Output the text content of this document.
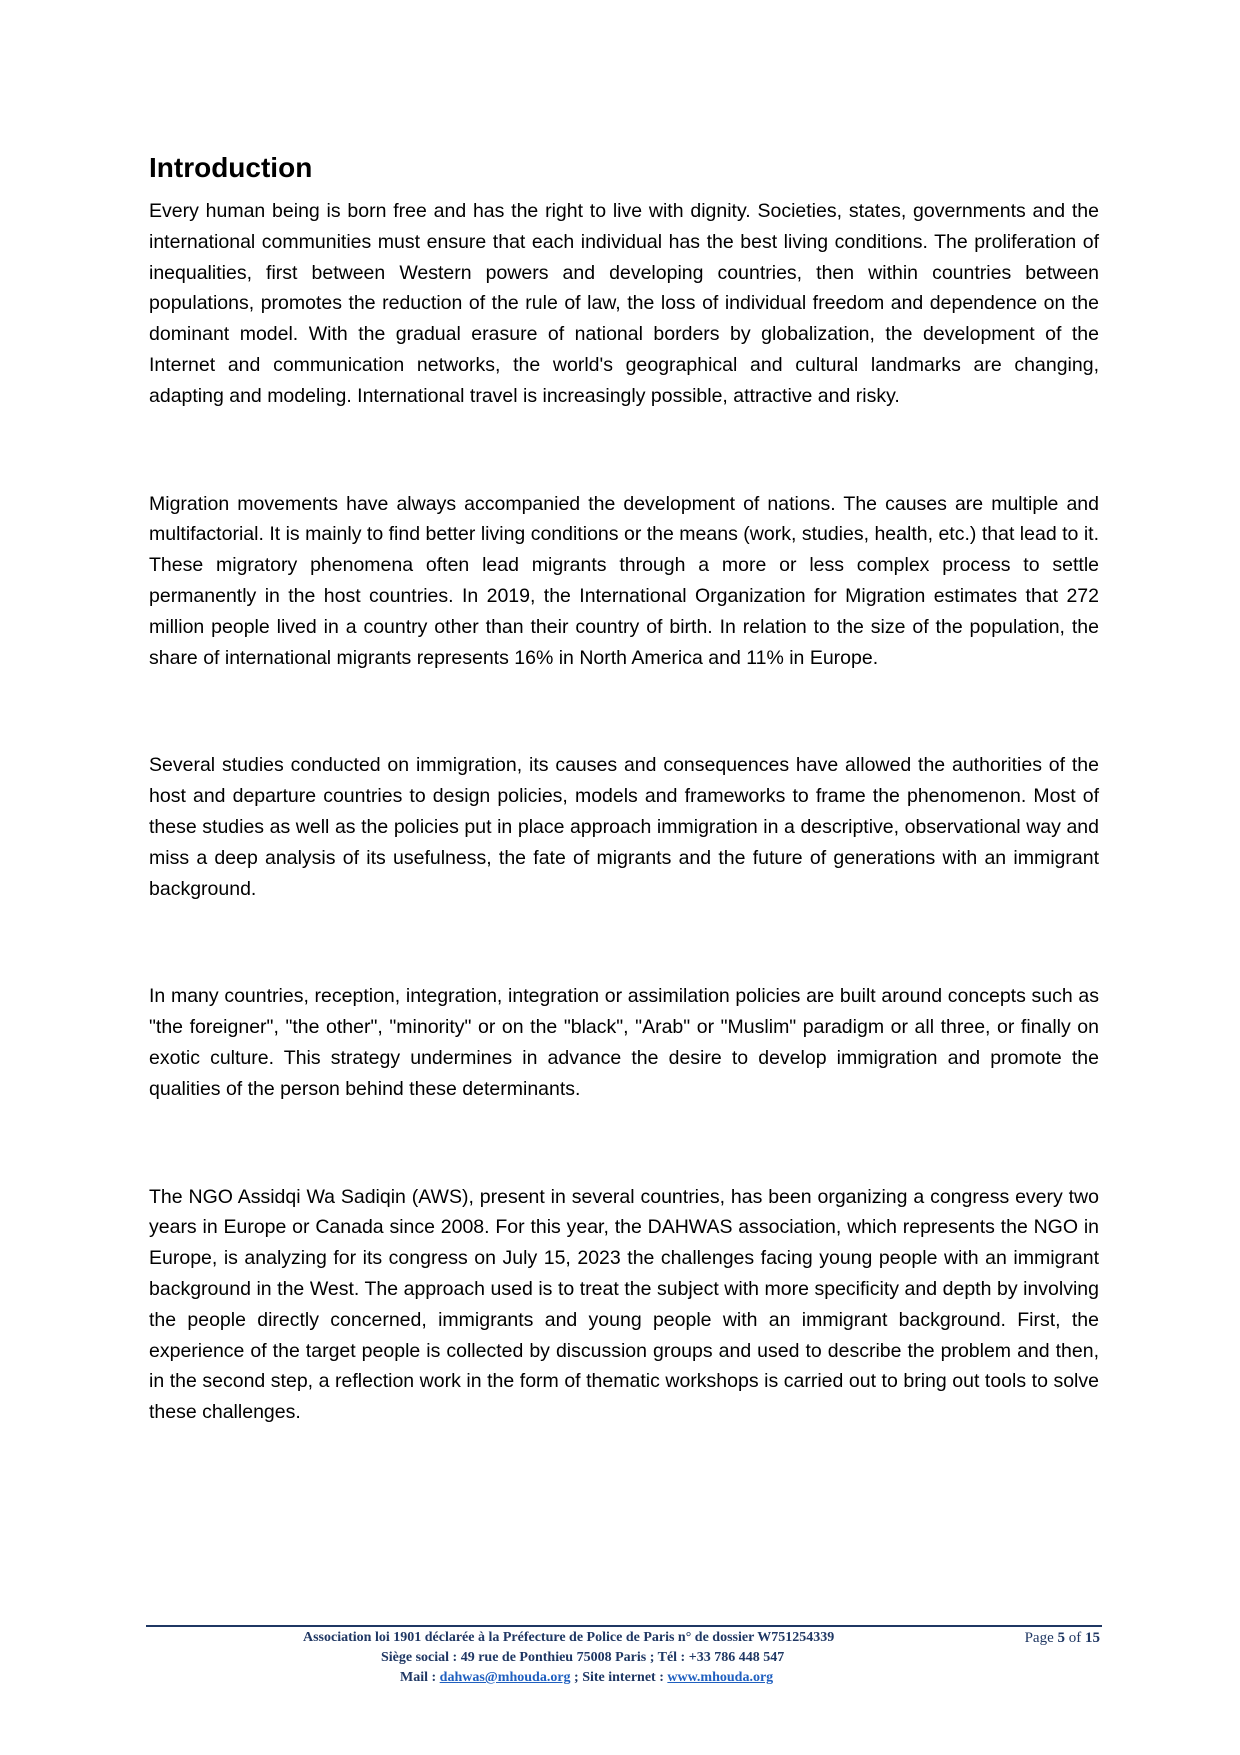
Introduction

Every human being is born free and has the right to live with dignity. Societies, states, governments and the international communities must ensure that each individual has the best living conditions. The proliferation of inequalities, first between Western powers and developing countries, then within countries between populations, promotes the reduction of the rule of law, the loss of individual freedom and dependence on the dominant model. With the gradual erasure of national borders by globalization, the development of the Internet and communication networks, the world's geographical and cultural landmarks are changing, adapting and modeling. International travel is increasingly possible, attractive and risky.

Migration movements have always accompanied the development of nations. The causes are multiple and multifactorial. It is mainly to find better living conditions or the means (work, studies, health, etc.) that lead to it. These migratory phenomena often lead migrants through a more or less complex process to settle permanently in the host countries. In 2019, the International Organization for Migration estimates that 272 million people lived in a country other than their country of birth. In relation to the size of the population, the share of international migrants represents 16% in North America and 11% in Europe.

Several studies conducted on immigration, its causes and consequences have allowed the authorities of the host and departure countries to design policies, models and frameworks to frame the phenomenon. Most of these studies as well as the policies put in place approach immigration in a descriptive, observational way and miss a deep analysis of its usefulness, the fate of migrants and the future of generations with an immigrant background.

In many countries, reception, integration, integration or assimilation policies are built around concepts such as "the foreigner", "the other", "minority" or on the "black", "Arab" or "Muslim" paradigm or all three, or finally on exotic culture. This strategy undermines in advance the desire to develop immigration and promote the qualities of the person behind these determinants.

The NGO Assidqi Wa Sadiqin (AWS), present in several countries, has been organizing a congress every two years in Europe or Canada since 2008. For this year, the DAHWAS association, which represents the NGO in Europe, is analyzing for its congress on July 15, 2023 the challenges facing young people with an immigrant background in the West. The approach used is to treat the subject with more specificity and depth by involving the people directly concerned, immigrants and young people with an immigrant background. First, the experience of the target people is collected by discussion groups and used to describe the problem and then, in the second step, a reflection work in the form of thematic workshops is carried out to bring out tools to solve these challenges.

Association loi 1901 déclarée à la Préfecture de Police de Paris n° de dossier W751254339	Page 5 of 15
Siège social : 49 rue de Ponthieu 75008 Paris ; Tél : +33 786 448 547
Mail : dahwas@mhouda.org ; Site internet : www.mhouda.org
